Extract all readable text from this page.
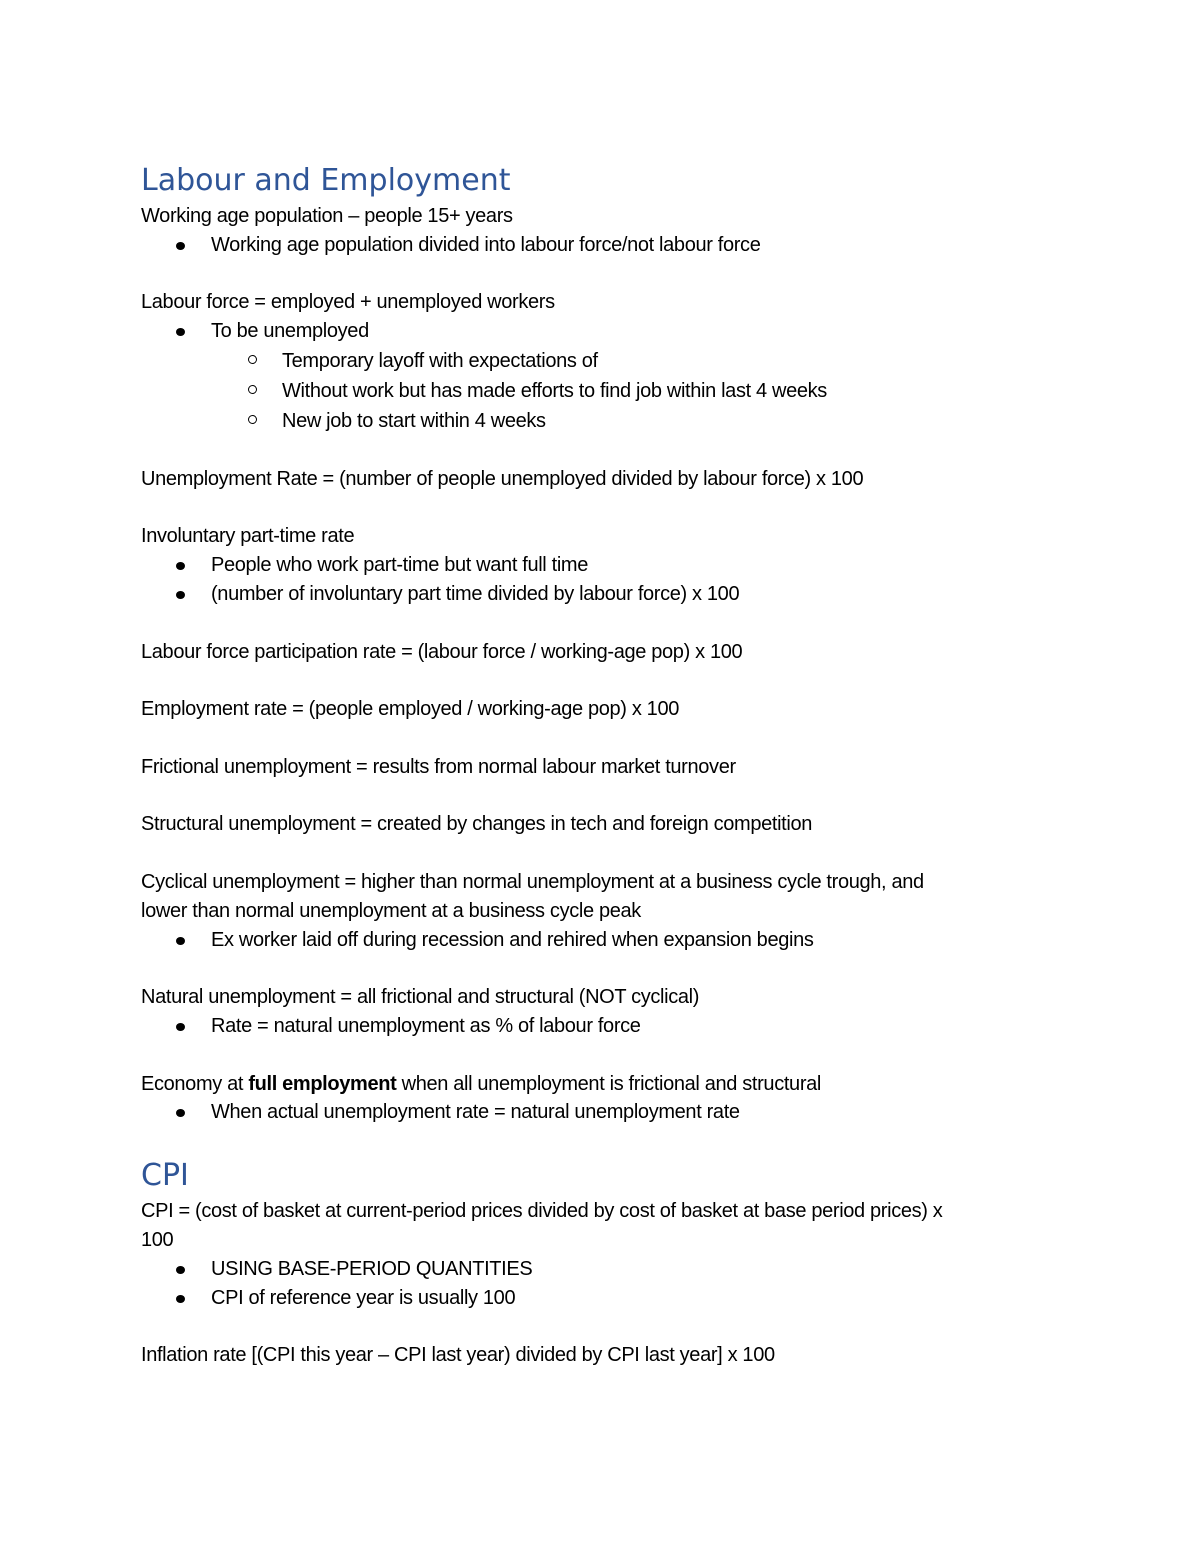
Labour and Employment
Working age population – people 15+ years
Working age population divided into labour force/not labour force
Labour force = employed + unemployed workers
To be unemployed
Temporary layoff with expectations of
Without work but has made efforts to find job within last 4 weeks
New job to start within 4 weeks
Unemployment Rate = (number of people unemployed divided by labour force) x 100
Involuntary part-time rate
People who work part-time but want full time
(number of involuntary part time divided by labour force) x 100
Labour force participation rate = (labour force / working-age pop) x 100
Employment rate = (people employed / working-age pop) x 100
Frictional unemployment = results from normal labour market turnover
Structural unemployment = created by changes in tech and foreign competition
Cyclical unemployment = higher than normal unemployment at a business cycle trough, and
lower than normal unemployment at a business cycle peak
Ex worker laid off during recession and rehired when expansion begins
Natural unemployment = all frictional and structural (NOT cyclical)
Rate = natural unemployment as % of labour force
Economy at full employment when all unemployment is frictional and structural
When actual unemployment rate = natural unemployment rate
CPI
CPI = (cost of basket at current-period prices divided by cost of basket at base period prices) x
100
USING BASE-PERIOD QUANTITIES
CPI of reference year is usually 100
Inflation rate [(CPI this year – CPI last year) divided by CPI last year] x 100
